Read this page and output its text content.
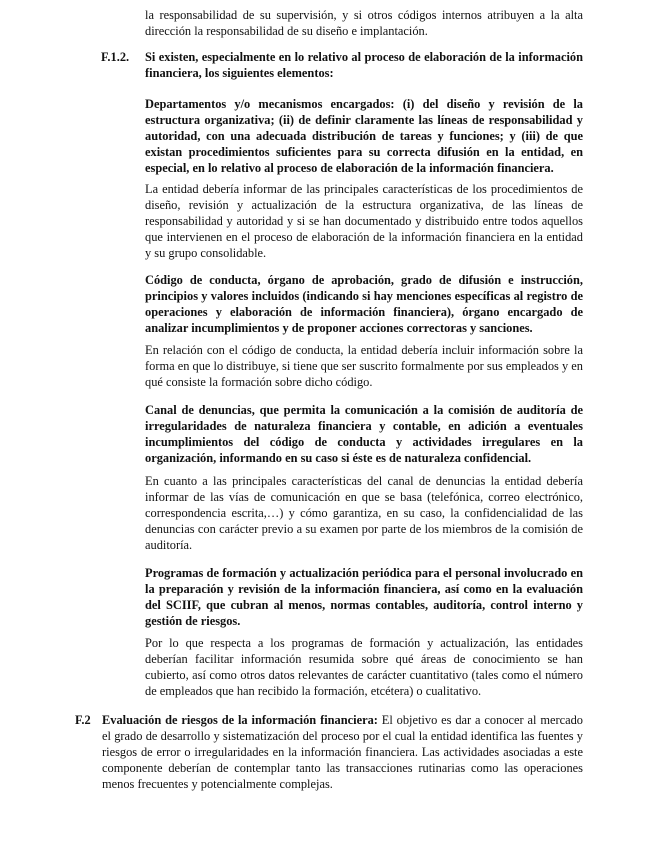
la responsabilidad de su supervisión, y si otros códigos internos atribuyen a la alta dirección la responsabilidad de su diseño e implantación.

F.1.2. Si existen, especialmente en lo relativo al proceso de elaboración de la información financiera, los siguientes elementos:

Departamentos y/o mecanismos encargados: (i) del diseño y revisión de la estructura organizativa; (ii) de definir claramente las líneas de responsabilidad y autoridad, con una adecuada distribución de tareas y funciones; y (iii) de que existan procedimientos suficientes para su correcta difusión en la entidad, en especial, en lo relativo al proceso de elaboración de la información financiera.

La entidad debería informar de las principales características de los procedimientos de diseño, revisión y actualización de la estructura organizativa, de las líneas de responsabilidad y autoridad y si se han documentado y distribuido entre todos aquellos que intervienen en el proceso de elaboración de la información financiera en la entidad y su grupo consolidable.

Código de conducta, órgano de aprobación, grado de difusión e instrucción, principios y valores incluidos (indicando si hay menciones específicas al registro de operaciones y elaboración de información financiera), órgano encargado de analizar incumplimientos y de proponer acciones correctoras y sanciones.

En relación con el código de conducta, la entidad debería incluir información sobre la forma en que lo distribuye, si tiene que ser suscrito formalmente por sus empleados y en qué consiste la formación sobre dicho código.

Canal de denuncias, que permita la comunicación a la comisión de auditoría de irregularidades de naturaleza financiera y contable, en adición a eventuales incumplimientos del código de conducta y actividades irregulares en la organización, informando en su caso si éste es de naturaleza confidencial.

En cuanto a las principales características del canal de denuncias la entidad debería informar de las vías de comunicación en que se basa (telefónica, correo electrónico, correspondencia escrita,…) y cómo garantiza, en su caso, la confidencialidad de las denuncias con carácter previo a su examen por parte de los miembros de la comisión de auditoría.

Programas de formación y actualización periódica para el personal involucrado en la preparación y revisión de la información financiera, así como en la evaluación del SCIIF, que cubran al menos, normas contables, auditoría, control interno y gestión de riesgos.

Por lo que respecta a los programas de formación y actualización, las entidades deberían facilitar información resumida sobre qué áreas de conocimiento se han cubierto, así como otros datos relevantes de carácter cuantitativo (tales como el número de empleados que han recibido la formación, etcétera) o cualitativo.

F.2 Evaluación de riesgos de la información financiera: El objetivo es dar a conocer al mercado el grado de desarrollo y sistematización del proceso por el cual la entidad identifica las fuentes y riesgos de error o irregularidades en la información financiera. Las actividades asociadas a este componente deberían de contemplar tanto las transacciones rutinarias como las operaciones menos frecuentes y potencialmente complejas.
